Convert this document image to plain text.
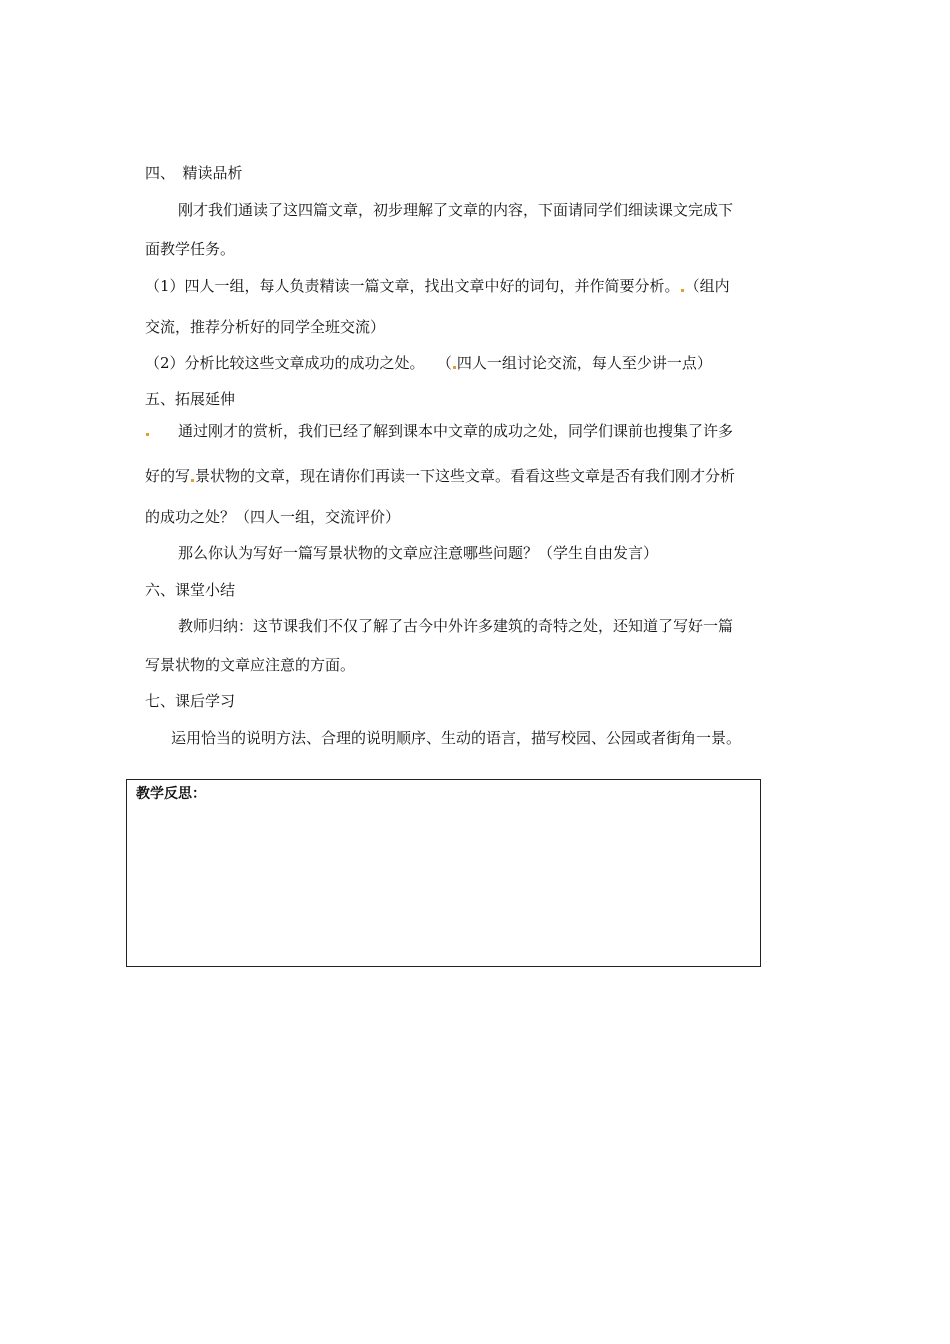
四、　精读品析
刚才我们通读了这四篇文章，初步理解了文章的内容，下面请同学们细读课文完成下
面教学任务。
（1）四人一组，每人负责精读一篇文章，找出文章中好的词句，并作简要分析。 （组内
交流，推荐分析好的同学全班交流）
（2）分析比较这些文章成功的成功之处。　 （ 四人一组讨论交流，每人至少讲一点）
五、拓展延伸
通过刚才的赏析，我们已经了解到课本中文章的成功之处，同学们课前也搜集了许多
好的写 景状物的文章，现在请你们再读一下这些文章。看看这些文章是否有我们刚才分析
的成功之处？（四人一组，交流评价）
那么你认为写好一篇写景状物的文章应注意哪些问题？（学生自由发言）
六、课堂小结
教师归纳：这节课我们不仅了解了古今中外许多建筑的奇特之处，还知道了写好一篇
写景状物的文章应注意的方面。
七、课后学习
运用恰当的说明方法、合理的说明顺序、生动的语言，描写校园、公园或者街角一景。
教学反思：
